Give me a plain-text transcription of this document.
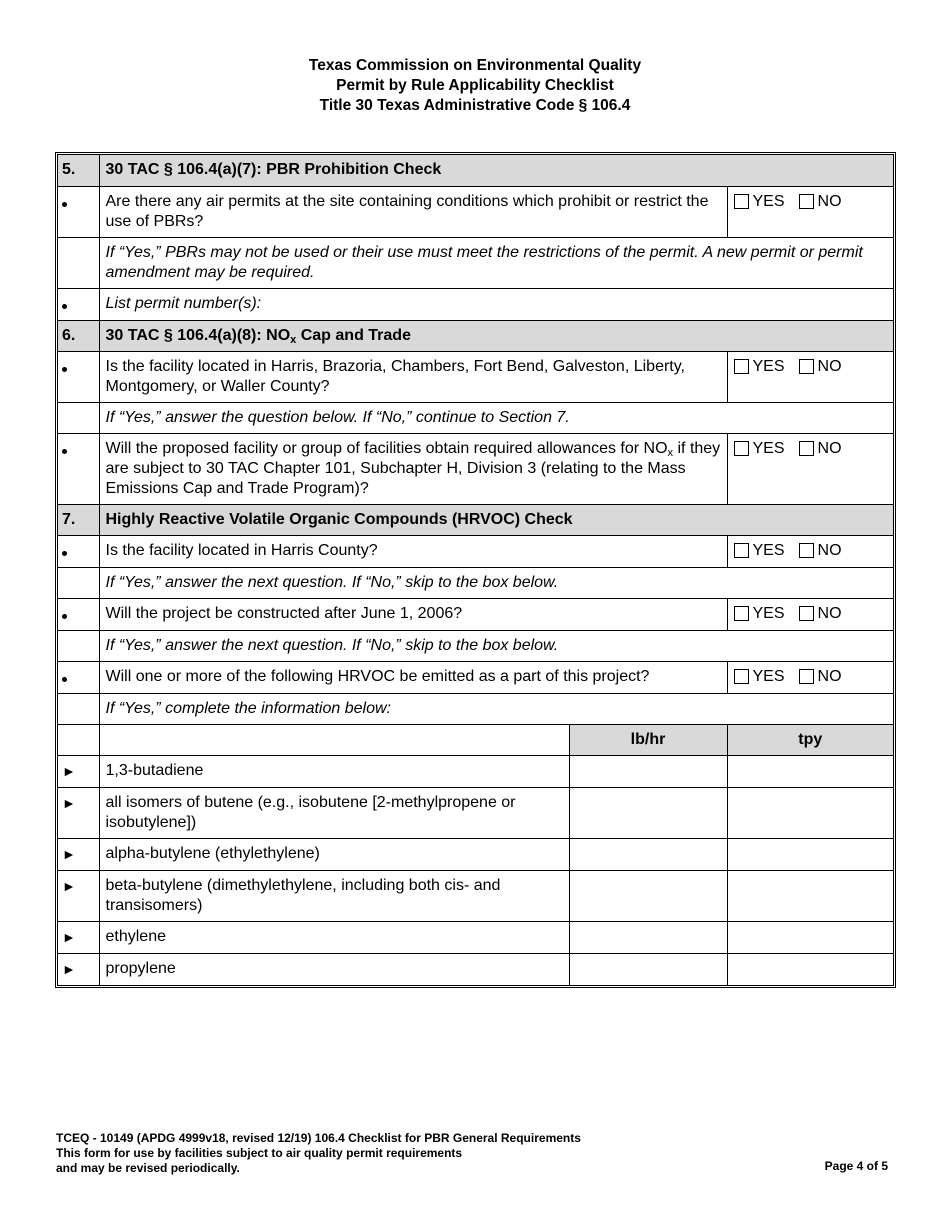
Texas Commission on Environmental Quality
Permit by Rule Applicability Checklist
Title 30 Texas Administrative Code § 106.4
5.	30 TAC § 106.4(a)(7): PBR Prohibition Check		
	Are there any air permits at the site containing conditions which prohibit or restrict the use of PBRs?		YES NO

	If “Yes,” PBRs may not be used or their use must meet the restrictions of the permit. A new permit or permit amendment may be required.		
	List permit number(s):		
6.	30 TAC § 106.4(a)(8): $NO_x$ Cap and Trade		
	Is the facility located in Harris, Brazoria, Chambers, Fort Bend, Galveston, Liberty, Montgomery, or Waller County?		YES NO

	If “Yes,” answer the question below. If “No,” continue to Section 7.		
	Will the proposed facility or group of facilities obtain required allowances for $NO_x$ if they are subject to 30 TAC Chapter 101, Subchapter H, Division 3 (relating to the Mass Emissions Cap and Trade Program)?		YES NO

7.	Highly Reactive Volatile Organic Compounds (HRVOC) Check		
	Is the facility located in Harris County?		YES NO

	If “Yes,” answer the next question. If “No,” skip to the box below.		
	Will the project be constructed after June 1, 2006?		YES NO

	If “Yes,” answer the next question. If “No,” skip to the box below.		
	Will one or more of the following HRVOC be emitted as a part of this project?		YES NO

	If “Yes,” complete the information below:		
		lb/hr	tpy
►	1,3-butadiene		
►	all isomers of butene (e.g., isobutene [2-methylpropene or isobutylene])		
►	alpha-butylene (ethylethylene)		
►	beta-butylene (dimethylethylene, including both cis- and transisomers)		
►	ethylene		
►	propylene		
TCEQ - 10149 (APDG 4999v18, revised 12/19) 106.4 Checklist for PBR General Requirements
This form for use by facilities subject to air quality permit requirements
and may be revised periodically.	Page 4 of 5
